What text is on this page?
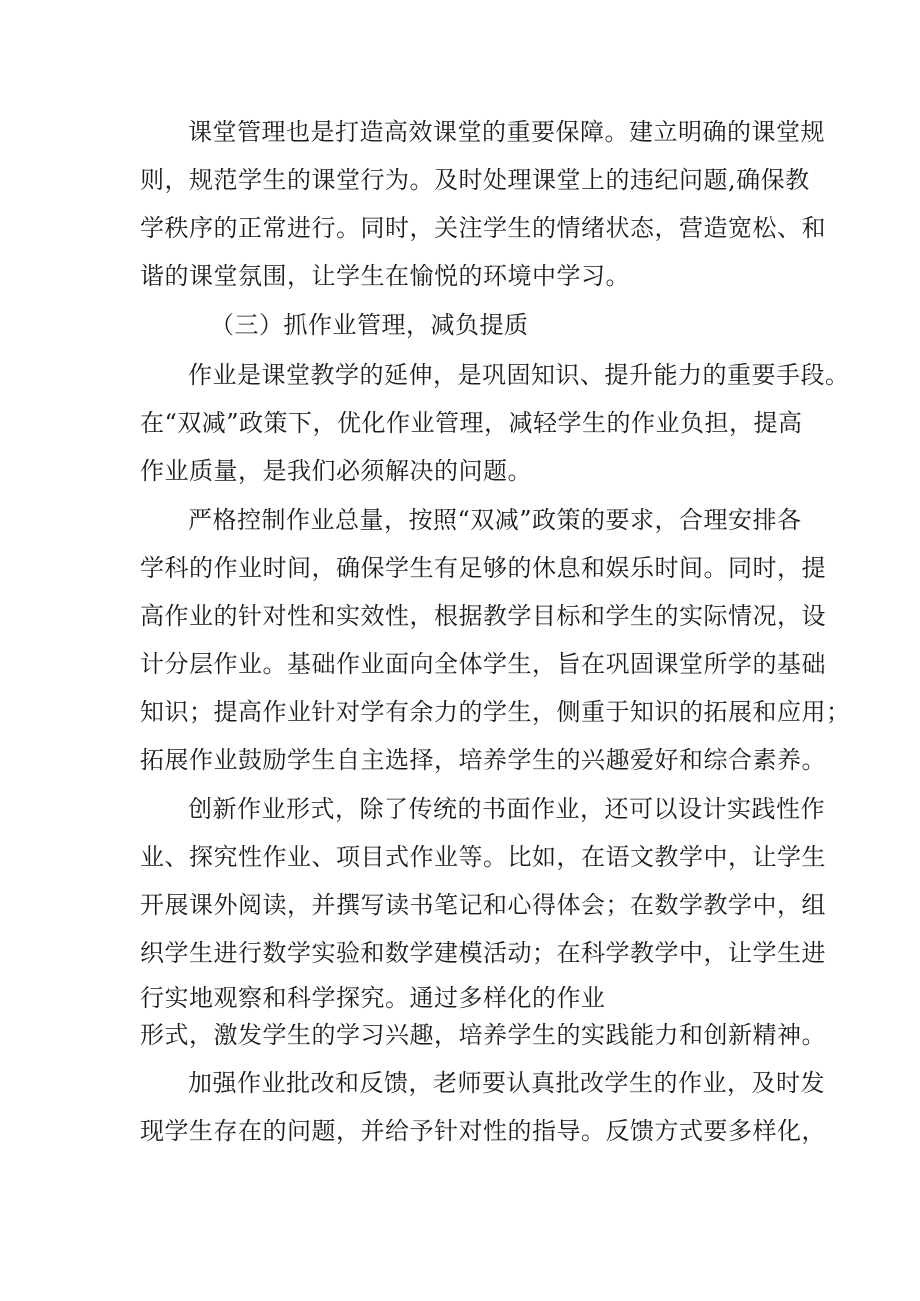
课堂管理也是打造高效课堂的重要保障。建立明确的课堂规
则，规范学生的课堂行为。及时处理课堂上的违纪问题,确保教
学秩序的正常进行。同时，关注学生的情绪状态，营造宽松、和
谐的课堂氛围，让学生在愉悦的环境中学习。
（三）抓作业管理，减负提质
作业是课堂教学的延伸，是巩固知识、提升能力的重要手段。
在“双减”政策下，优化作业管理，减轻学生的作业负担，提高
作业质量，是我们必须解决的问题。
严格控制作业总量，按照“双减”政策的要求，合理安排各
学科的作业时间，确保学生有足够的休息和娱乐时间。同时，提
高作业的针对性和实效性，根据教学目标和学生的实际情况，设
计分层作业。基础作业面向全体学生，旨在巩固课堂所学的基础
知识；提高作业针对学有余力的学生，侧重于知识的拓展和应用；
拓展作业鼓励学生自主选择，培养学生的兴趣爱好和综合素养。
创新作业形式，除了传统的书面作业，还可以设计实践性作
业、探究性作业、项目式作业等。比如，在语文教学中，让学生
开展课外阅读，并撰写读书笔记和心得体会；在数学教学中，组
织学生进行数学实验和数学建模活动；在科学教学中，让学生进
行实地观察和科学探究。通过多样化的作业
形式，激发学生的学习兴趣，培养学生的实践能力和创新精神。
加强作业批改和反馈，老师要认真批改学生的作业，及时发
现学生存在的问题，并给予针对性的指导。反馈方式要多样化，
